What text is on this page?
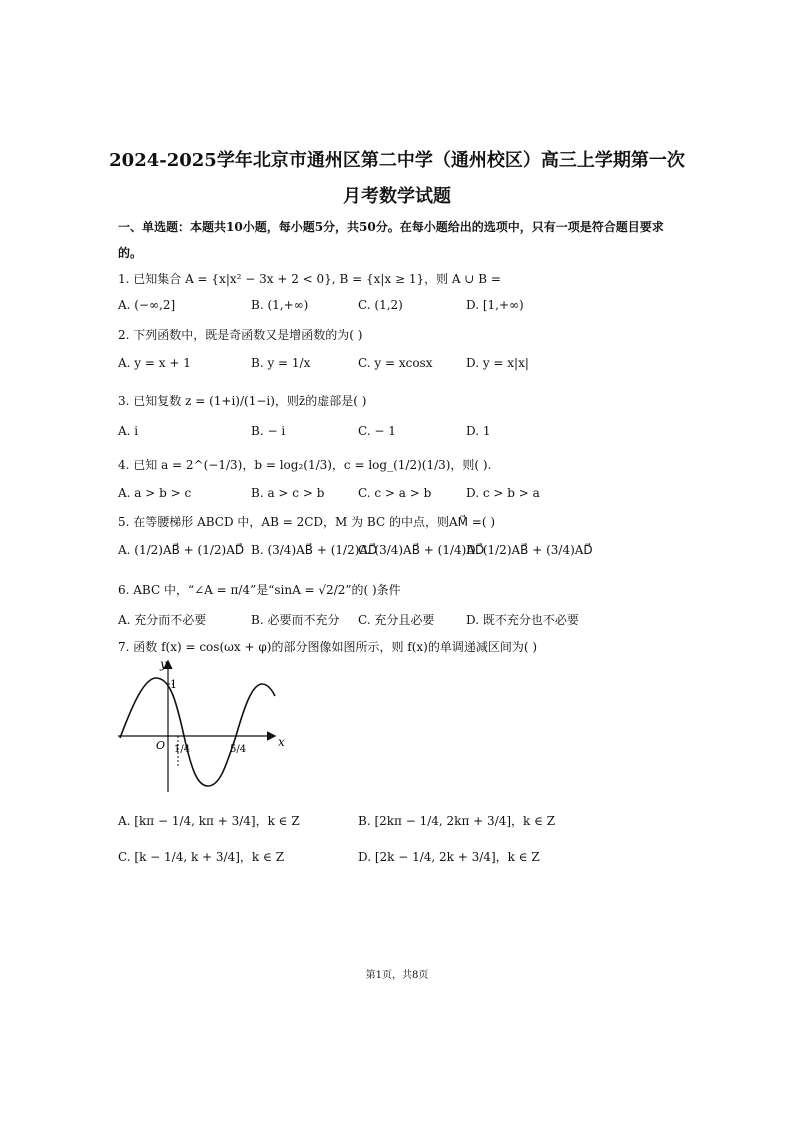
2024-2025学年北京市通州区第二中学（通州校区）高三上学期第一次
月考数学试题
一、单选题：本题共10小题，每小题5分，共50分。在每小题给出的选项中，只有一项是符合题目要求
的。
1. 已知集合 A = {x|x² − 3x + 2 < 0}, B = {x|x ≥ 1}，则 A ∪ B =
A. (−∞,2]	B. (1,+∞)	C. (1,2)	D. [1,+∞)
2. 下列函数中，既是奇函数又是增函数的为( )
A. y = x + 1	B. y = 1/x	C. y = xcosx	D. y = x|x|
3. 已知复数 z = (1+i)/(1−i)，则z̄的虚部是( )
A. i	B. − i	C. − 1	D. 1
4. 已知 a = 2^(−1/3)，b = log₂(1/3)，c = log_(1/2)(1/3)，则( ).
A. a > b > c	B. a > c > b	C. c > a > b	D. c > b > a
5. 在等腰梯形 ABCD 中，AB = 2CD，M 为 BC 的中点，则AM⃗ =( )
A. (1/2)AB⃗ + (1/2)AD⃗ B. (3/4)AB⃗ + (1/2)AD⃗
C. (3/4)AB⃗ + (1/4)AD⃗
D. (1/2)AB⃗ + (3/4)AD⃗
6. ABC 中，“∠A = π/4”是“sinA = √2/2”的( )条件
A. 充分而不必要	B. 必要而不充分 C. 充分且必要	D. 既不充分也不必要
7. 函数 f(x) = cos(ωx + φ)的部分图像如图所示，则 f(x)的单调递减区间为( )
y
x
O
1
1/4	5/4
A. [kπ − 1/4, kπ + 3/4]，k ∈ Z	B. [2kπ − 1/4, 2kπ + 3/4]，k ∈ Z
C. [k − 1/4, k + 3/4]，k ∈ Z	D. [2k − 1/4, 2k + 3/4]，k ∈ Z
第1页，共8页
